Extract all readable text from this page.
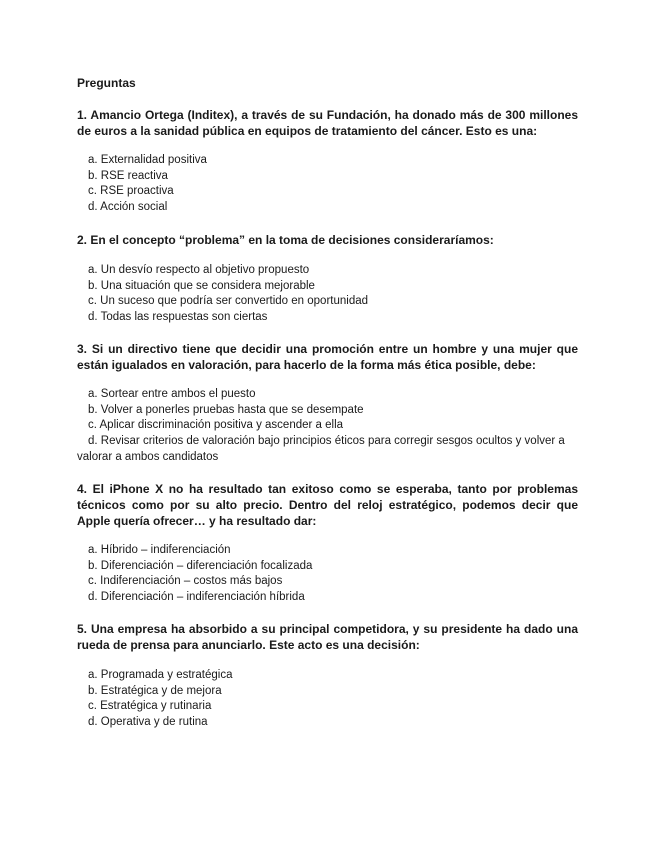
Preguntas
1. Amancio Ortega (Inditex), a través de su Fundación, ha donado más de 300 millones de euros a la sanidad pública en equipos de tratamiento del cáncer. Esto es una:
a. Externalidad positiva
b. RSE reactiva
c. RSE proactiva
d. Acción social
2. En el concepto “problema” en la toma de decisiones consideraríamos:
a. Un desvío respecto al objetivo propuesto
b. Una situación que se considera mejorable
c. Un suceso que podría ser convertido en oportunidad
d. Todas las respuestas son ciertas
3. Si un directivo tiene que decidir una promoción entre un hombre y una mujer que están igualados en valoración, para hacerlo de la forma más ética posible, debe:
a. Sortear entre ambos el puesto
b. Volver a ponerles pruebas hasta que se desempate
c. Aplicar discriminación positiva y ascender a ella
d. Revisar criterios de valoración bajo principios éticos para corregir sesgos ocultos y volver a valorar a ambos candidatos
4. El iPhone X no ha resultado tan exitoso como se esperaba, tanto por problemas técnicos como por su alto precio. Dentro del reloj estratégico, podemos decir que Apple quería ofrecer… y ha resultado dar:
a. Híbrido – indiferenciación
b. Diferenciación – diferenciación focalizada
c. Indiferenciación – costos más bajos
d. Diferenciación – indiferenciación híbrida
5. Una empresa ha absorbido a su principal competidora, y su presidente ha dado una rueda de prensa para anunciarlo. Este acto es una decisión:
a. Programada y estratégica
b. Estratégica y de mejora
c. Estratégica y rutinaria
d. Operativa y de rutina
